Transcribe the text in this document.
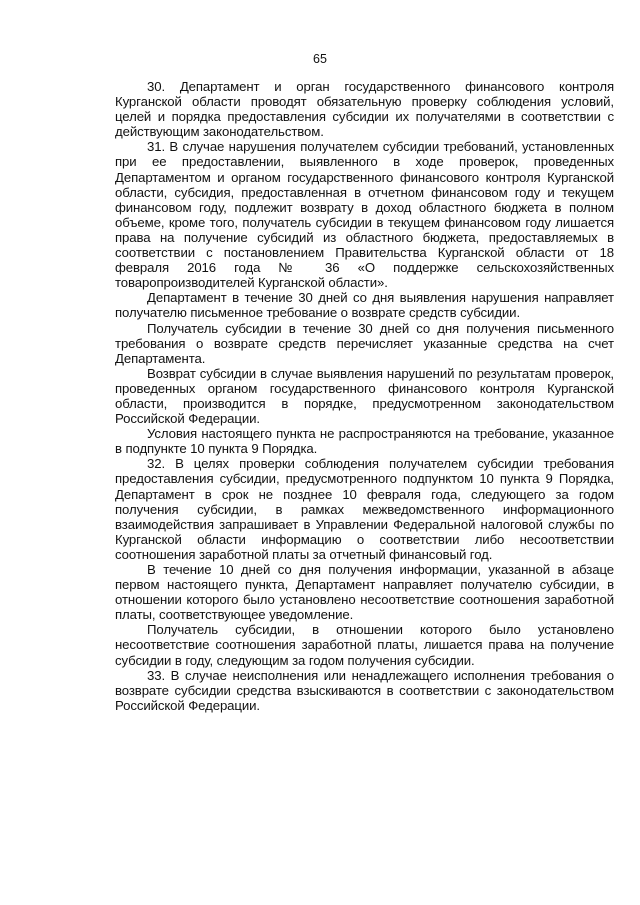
65

30. Департамент и орган государственного финансового контроля Курганской области проводят обязательную проверку соблюдения условий, целей и порядка предоставления субсидии их получателями в соответствии с действующим законодательством.

31. В случае нарушения получателем субсидии требований, установленных при ее предоставлении, выявленного в ходе проверок, проведенных Департаментом и органом государственного финансового контроля Курганской области, субсидия, предоставленная в отчетном финансовом году и текущем финансовом году, подлежит возврату в доход областного бюджета в полном объеме, кроме того, получатель субсидии в текущем финансовом году лишается права на получение субсидий из областного бюджета, предоставляемых в соответствии с постановлением Правительства Курганской области от 18 февраля 2016 года № 36 «О поддержке сельскохозяйственных товаропроизводителей Курганской области».

Департамент в течение 30 дней со дня выявления нарушения направляет получателю письменное требование о возврате средств субсидии.

Получатель субсидии в течение 30 дней со дня получения письменного требования о возврате средств перечисляет указанные средства на счет Департамента.

Возврат субсидии в случае выявления нарушений по результатам проверок, проведенных органом государственного финансового контроля Курганской области, производится в порядке, предусмотренном законодательством Российской Федерации.

Условия настоящего пункта не распространяются на требование, указанное в подпункте 10 пункта 9 Порядка.

32. В целях проверки соблюдения получателем субсидии требования предоставления субсидии, предусмотренного подпунктом 10 пункта 9 Порядка, Департамент в срок не позднее 10 февраля года, следующего за годом получения субсидии, в рамках межведомственного информационного взаимодействия запрашивает в Управлении Федеральной налоговой службы по Курганской области информацию о соответствии либо несоответствии соотношения заработной платы за отчетный финансовый год.

В течение 10 дней со дня получения информации, указанной в абзаце первом настоящего пункта, Департамент направляет получателю субсидии, в отношении которого было установлено несоответствие соотношения заработной платы, соответствующее уведомление.

Получатель субсидии, в отношении которого было установлено несоответствие соотношения заработной платы, лишается права на получение субсидии в году, следующим за годом получения субсидии.

33. В случае неисполнения или ненадлежащего исполнения требования о возврате субсидии средства взыскиваются в соответствии с законодательством Российской Федерации.
